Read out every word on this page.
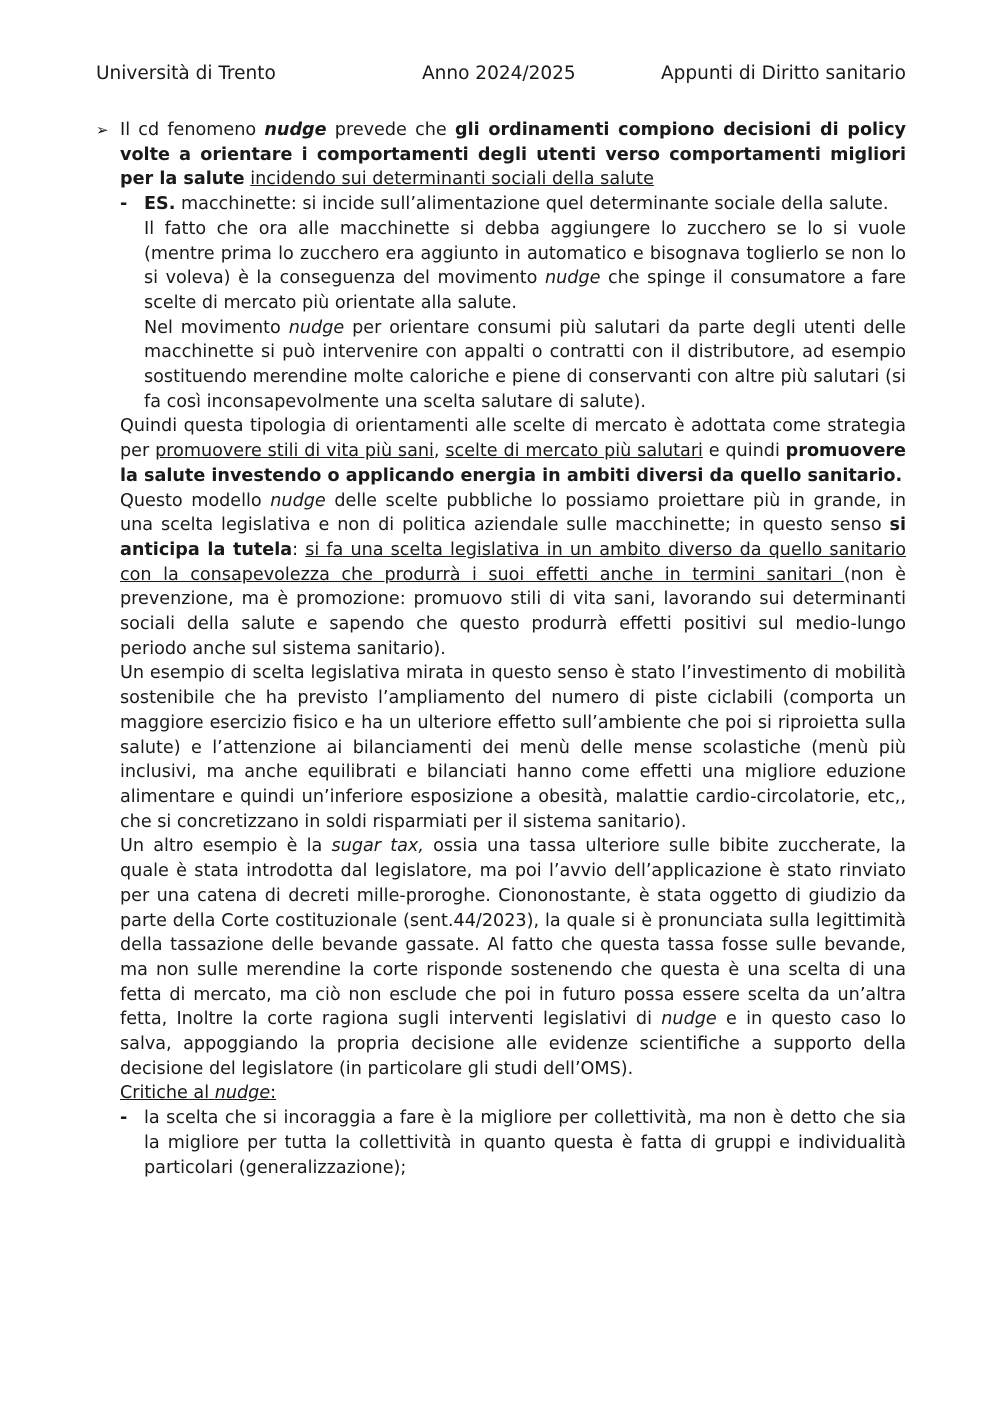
Università di Trento	Anno 2024/2025	Appunti di Diritto sanitario

➢ Il cd fenomeno nudge prevede che gli ordinamenti compiono decisioni di policy volte a orientare i comportamenti degli utenti verso comportamenti migliori per la salute incidendo sui determinanti sociali della salute

- ES. macchinette: si incide sull’alimentazione quel determinante sociale della salute.

Il fatto che ora alle macchinette si debba aggiungere lo zucchero se lo si vuole (mentre prima lo zucchero era aggiunto in automatico e bisognava toglierlo se non lo si voleva) è la conseguenza del movimento nudge che spinge il consumatore a fare scelte di mercato più orientate alla salute.

Nel movimento nudge per orientare consumi più salutari da parte degli utenti delle macchinette si può intervenire con appalti o contratti con il distributore, ad esempio sostituendo merendine molte caloriche e piene di conservanti con altre più salutari (si fa così inconsapevolmente una scelta salutare di salute).

Quindi questa tipologia di orientamenti alle scelte di mercato è adottata come strategia per promuovere stili di vita più sani, scelte di mercato più salutari e quindi promuovere la salute investendo o applicando energia in ambiti diversi da quello sanitario.

Questo modello nudge delle scelte pubbliche lo possiamo proiettare più in grande, in una scelta legislativa e non di politica aziendale sulle macchinette; in questo senso si anticipa la tutela: si fa una scelta legislativa in un ambito diverso da quello sanitario con la consapevolezza che produrrà i suoi effetti anche in termini sanitari (non è prevenzione, ma è promozione: promuovo stili di vita sani, lavorando sui determinanti sociali della salute e sapendo che questo produrrà effetti positivi sul medio-lungo periodo anche sul sistema sanitario).

Un esempio di scelta legislativa mirata in questo senso è stato l’investimento di mobilità sostenibile che ha previsto l’ampliamento del numero di piste ciclabili (comporta un maggiore esercizio fisico e ha un ulteriore effetto sull’ambiente che poi si riproietta sulla salute) e l’attenzione ai bilanciamenti dei menù delle mense scolastiche (menù più inclusivi, ma anche equilibrati e bilanciati hanno come effetti una migliore eduzione alimentare e quindi un’inferiore esposizione a obesità, malattie cardio-circolatorie, etc,, che si concretizzano in soldi risparmiati per il sistema sanitario).

Un altro esempio è la sugar tax, ossia una tassa ulteriore sulle bibite zuccherate, la quale è stata introdotta dal legislatore, ma poi l’avvio dell’applicazione è stato rinviato per una catena di decreti mille-proroghe. Ciononostante, è stata oggetto di giudizio da parte della Corte costituzionale (sent.44/2023), la quale si è pronunciata sulla legittimità della tassazione delle bevande gassate. Al fatto che questa tassa fosse sulle bevande, ma non sulle merendine la corte risponde sostenendo che questa è una scelta di una fetta di mercato, ma ciò non esclude che poi in futuro possa essere scelta da un’altra fetta, Inoltre la corte ragiona sugli interventi legislativi di nudge e in questo caso lo salva, appoggiando la propria decisione alle evidenze scientifiche a supporto della decisione del legislatore (in particolare gli studi dell’OMS).

Critiche al nudge:

- la scelta che si incoraggia a fare è la migliore per collettività, ma non è detto che sia la migliore per tutta la collettività in quanto questa è fatta di gruppi e individualità particolari (generalizzazione);
